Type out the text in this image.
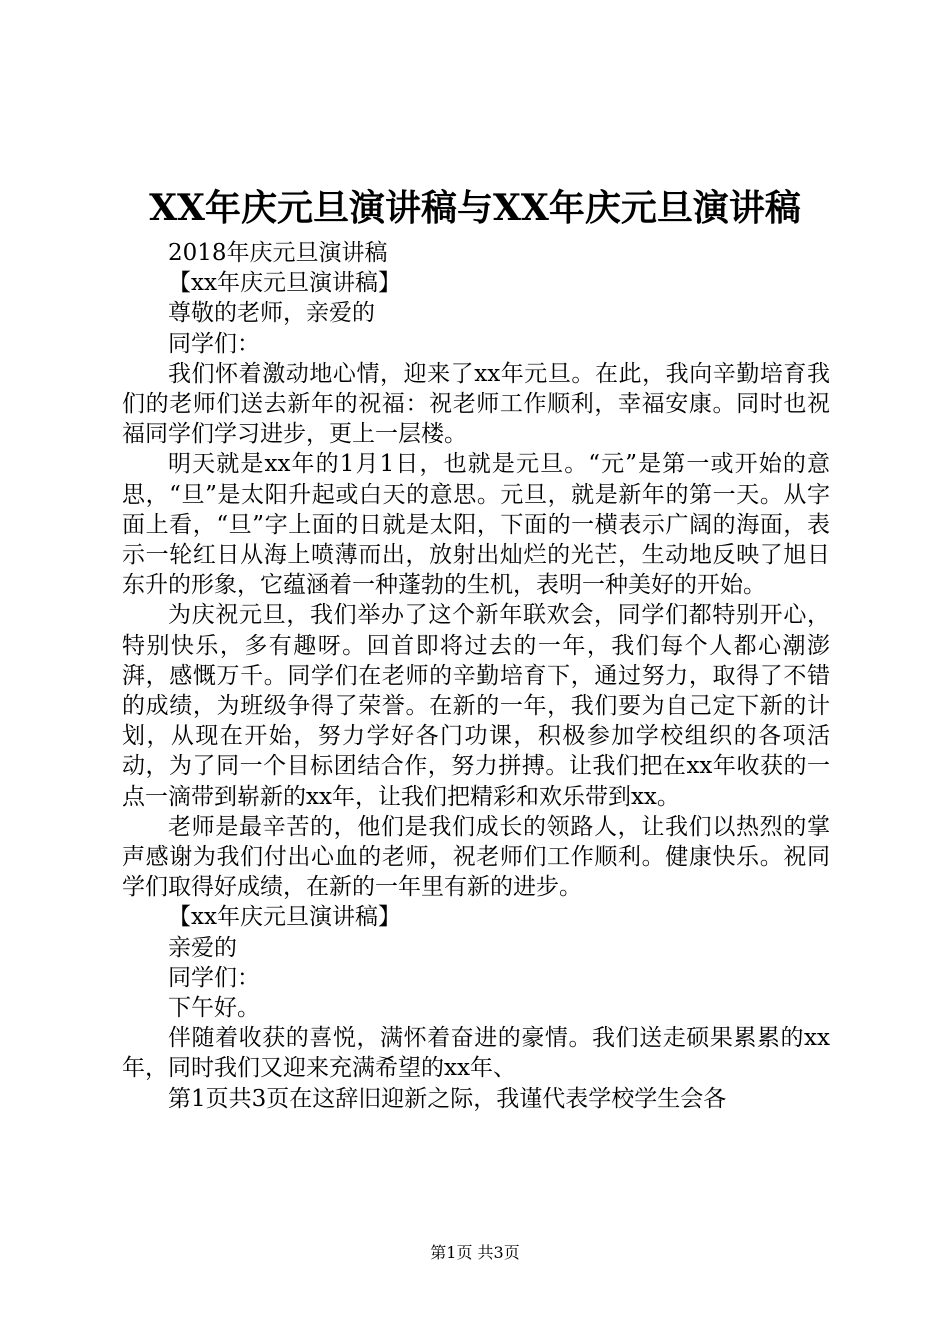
XX年庆元旦演讲稿与XX年庆元旦演讲稿

2018年庆元旦演讲稿

【xx年庆元旦演讲稿】

尊敬的老师，亲爱的

同学们：

我们怀着激动地心情，迎来了xx年元旦。在此，我向辛勤培育我们的老师们送去新年的祝福：祝老师工作顺利，幸福安康。同时也祝福同学们学习进步，更上一层楼。

明天就是xx年的1月1日，也就是元旦。“元”是第一或开始的意思，“旦”是太阳升起或白天的意思。元旦，就是新年的第一天。从字面上看，“旦”字上面的日就是太阳，下面的一横表示广阔的海面，表示一轮红日从海上喷薄而出，放射出灿烂的光芒，生动地反映了旭日东升的形象，它蕴涵着一种蓬勃的生机，表明一种美好的开始。

为庆祝元旦，我们举办了这个新年联欢会，同学们都特别开心，特别快乐，多有趣呀。回首即将过去的一年，我们每个人都心潮澎湃，感慨万千。同学们在老师的辛勤培育下，通过努力，取得了不错的成绩，为班级争得了荣誉。在新的一年，我们要为自己定下新的计划，从现在开始，努力学好各门功课，积极参加学校组织的各项活动，为了同一个目标团结合作，努力拼搏。让我们把在xx年收获的一点一滴带到崭新的xx年，让我们把精彩和欢乐带到xx。

老师是最辛苦的，他们是我们成长的领路人，让我们以热烈的掌声感谢为我们付出心血的老师，祝老师们工作顺利。健康快乐。祝同学们取得好成绩，在新的一年里有新的进步。

【xx年庆元旦演讲稿】

亲爱的

同学们：

下午好。

伴随着收获的喜悦，满怀着奋进的豪情。我们送走硕果累累的xx年，同时我们又迎来充满希望的xx年、

第1页共3页在这辞旧迎新之际，我谨代表学校学生会各

第1页 共3页
